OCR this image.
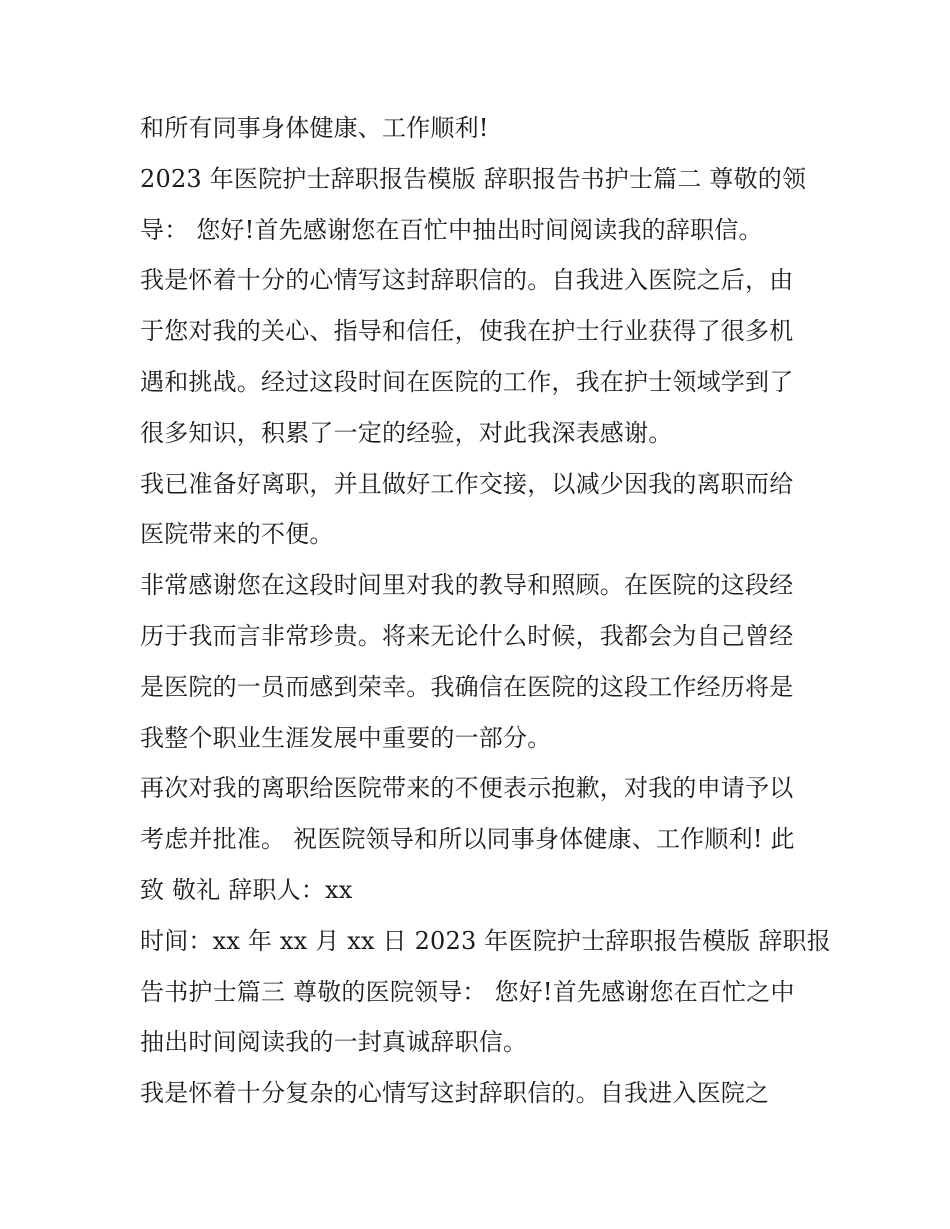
和所有同事身体健康、工作顺利!
2023 年医院护士辞职报告模版 辞职报告书护士篇二 尊敬的领
导： 您好!首先感谢您在百忙中抽出时间阅读我的辞职信。
我是怀着十分的心情写这封辞职信的。自我进入医院之后，由
于您对我的关心、指导和信任，使我在护士行业获得了很多机
遇和挑战。经过这段时间在医院的工作，我在护士领域学到了
很多知识，积累了一定的经验，对此我深表感谢。
我已准备好离职，并且做好工作交接，以减少因我的离职而给
医院带来的不便。
非常感谢您在这段时间里对我的教导和照顾。在医院的这段经
历于我而言非常珍贵。将来无论什么时候，我都会为自己曾经
是医院的一员而感到荣幸。我确信在医院的这段工作经历将是
我整个职业生涯发展中重要的一部分。
再次对我的离职给医院带来的不便表示抱歉，对我的申请予以
考虑并批准。 祝医院领导和所以同事身体健康、工作顺利! 此
致 敬礼 辞职人：xx
时间：xx 年 xx 月 xx 日 2023 年医院护士辞职报告模版 辞职报
告书护士篇三 尊敬的医院领导： 您好!首先感谢您在百忙之中
抽出时间阅读我的一封真诚辞职信。
我是怀着十分复杂的心情写这封辞职信的。自我进入医院之
